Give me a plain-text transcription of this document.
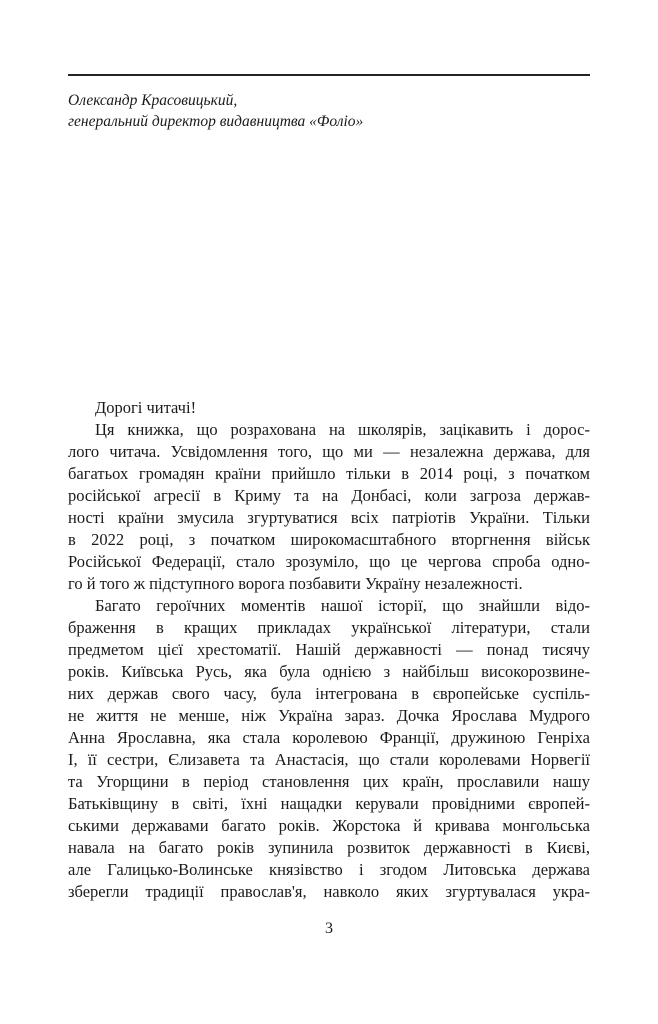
Олександр Красовицький,
генеральний директор видавництва «Фоліо»
Дорогі читачі!
Ця книжка, що розрахована на школярів, зацікавить і дорос-
лого читача. Усвідомлення того, що ми — незалежна держава, для
багатьох громадян країни прийшло тільки в 2014 році, з початком
російської агресії в Криму та на Донбасі, коли загроза держав-
ності країни змусила згуртуватися всіх патріотів України. Тільки
в 2022 році, з початком широкомасштабного вторгнення військ
Російської Федерації, стало зрозуміло, що це чергова спроба одно-
го й того ж підступного ворога позбавити Україну незалежності.
Багато героїчних моментів нашої історії, що знайшли відо-
браження в кращих прикладах української літератури, стали
предметом цієї хрестоматії. Нашій державності — понад тисячу
років. Київська Русь, яка була однією з найбільш високорозвине-
них держав свого часу, була інтегрована в європейське суспіль-
не життя не менше, ніж Україна зараз. Дочка Ярослава Мудрого
Анна Ярославна, яка стала королевою Франції, дружиною Генріха
I, її сестри, Єлизавета та Анастасія, що стали королевами Норвегії
та Угорщини в період становлення цих країн, прославили нашу
Батьківщину в світі, їхні нащадки керували провідними європей-
ськими державами багато років. Жорстока й кривава монгольська
навала на багато років зупинила розвиток державності в Києві,
але Галицько-Волинське князівство і згодом Литовська держава
зберегли традиції православ'я, навколо яких згуртувалася укра-
3
